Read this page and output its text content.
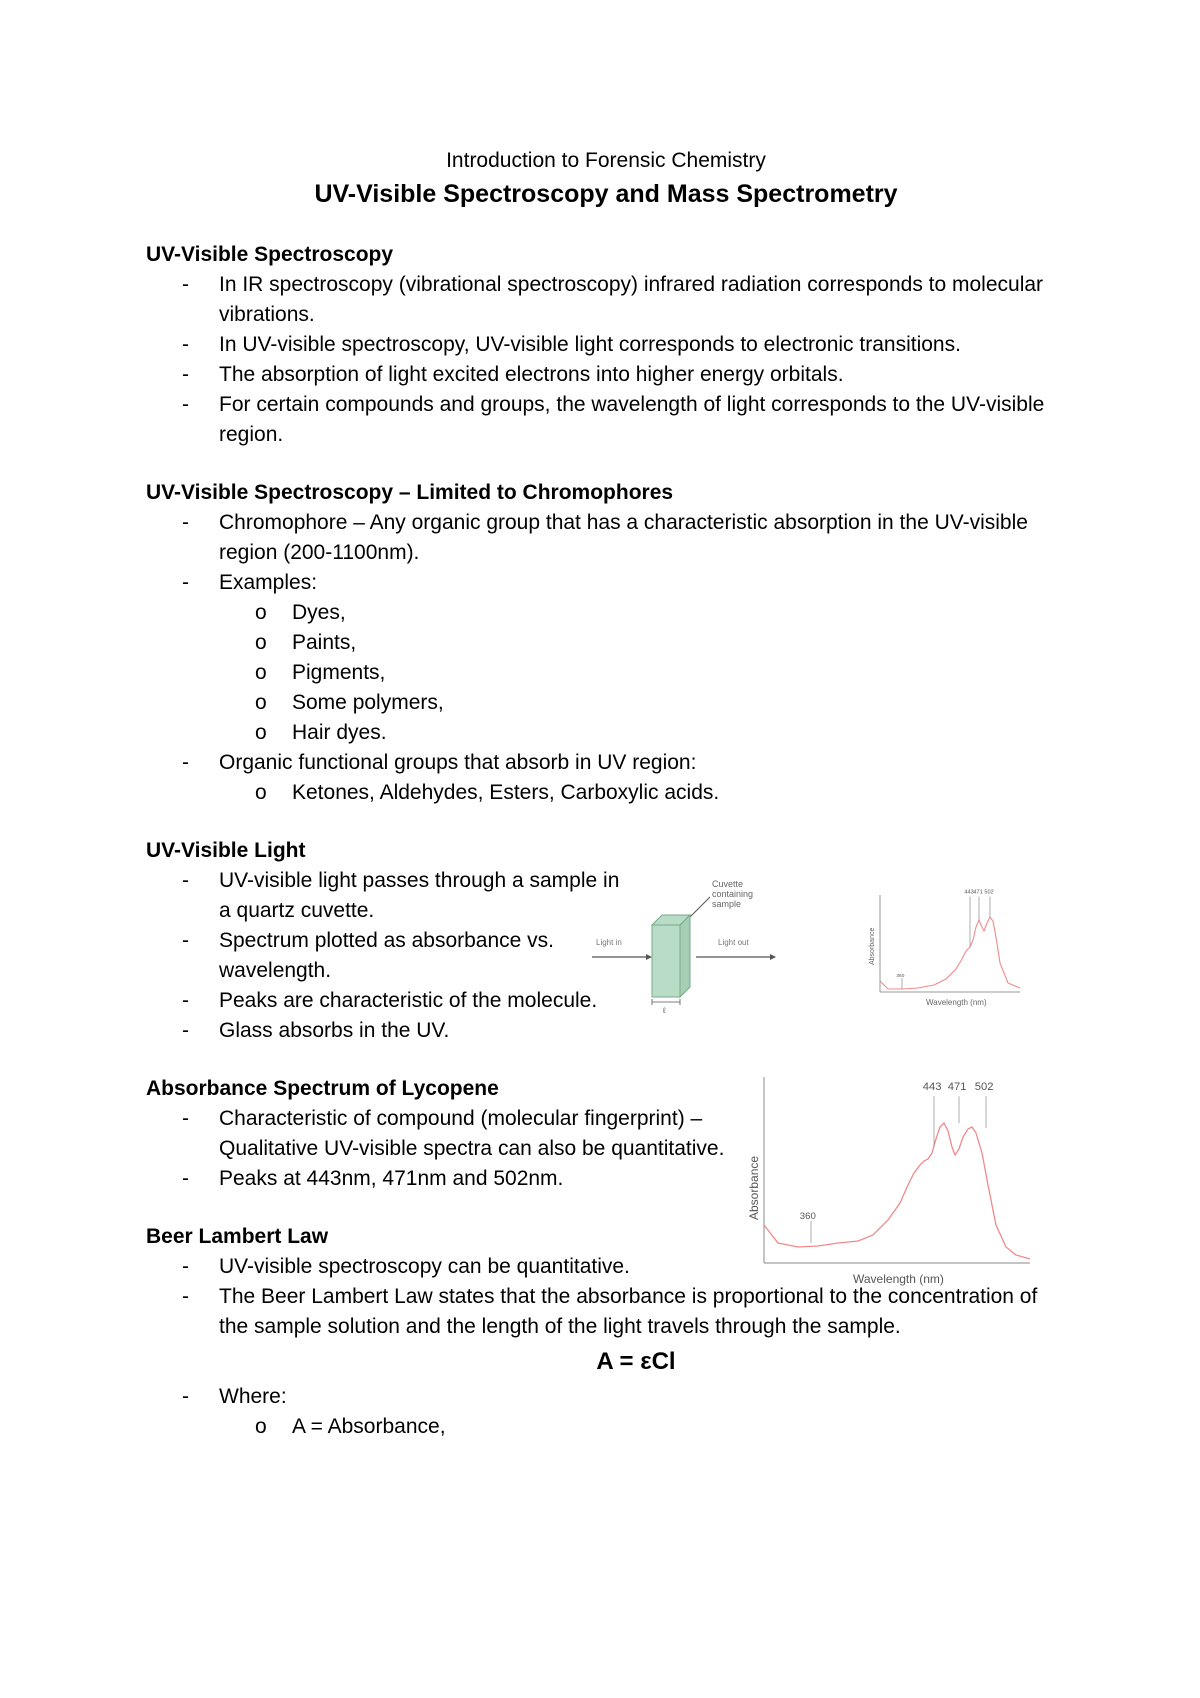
Introduction to Forensic Chemistry
UV-Visible Spectroscopy and Mass Spectrometry
UV-Visible Spectroscopy
- In IR spectroscopy (vibrational spectroscopy) infrared radiation corresponds to molecular vibrations.
- In UV-visible spectroscopy, UV-visible light corresponds to electronic transitions.
- The absorption of light excited electrons into higher energy orbitals.
- For certain compounds and groups, the wavelength of light corresponds to the UV-visible region.
UV-Visible Spectroscopy – Limited to Chromophores
- Chromophore – Any organic group that has a characteristic absorption in the UV-visible region (200-1100nm).
- Examples:
o Dyes,
o Paints,
o Pigments,
o Some polymers,
o Hair dyes.
- Organic functional groups that absorb in UV region:
o Ketones, Aldehydes, Esters, Carboxylic acids.
UV-Visible Light
- UV-visible light passes through a sample in a quartz cuvette.
- Spectrum plotted as absorbance vs. wavelength.
- Peaks are characteristic of the molecule.
- Glass absorbs in the UV.
Absorbance Spectrum of Lycopene
- Characteristic of compound (molecular fingerprint) – Qualitative UV-visible spectra can also be quantitative.
- Peaks at 443nm, 471nm and 502nm.
Beer Lambert Law
- UV-visible spectroscopy can be quantitative.
- The Beer Lambert Law states that the absorbance is proportional to the concentration of the sample solution and the length of the light travels through the sample.
A = εCl
- Where:
o A = Absorbance,
Cuvette
containing
sample
Light in	Light out
ℓ
Absorbance
Wavelength (nm)
443 471 502
360
Absorbance
Wavelength (nm)
443 471 502
360
